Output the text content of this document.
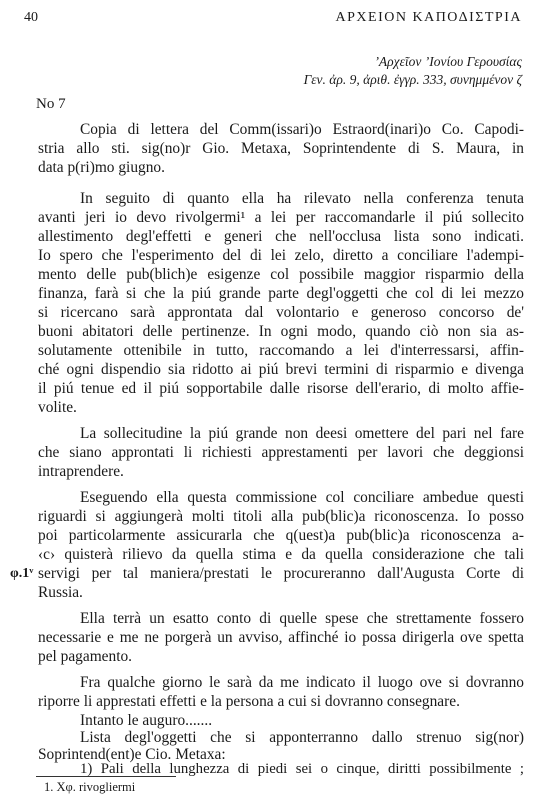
40	ΑΡΧΕΙΟΝ ΚΑΠΟΔΙΣΤΡΙΑ
ʼΑρχεῖον ʼΙονίου Γερουσίας
Γεν. ἀρ. 9, ἀριθ. ἐγγρ. 333, συνημμένον ζ
No 7
Copia di lettera del Comm(issari)o Estraord(inari)o Co. Capodi-
stria allo sti. sig(no)r Gio. Metaxa, Soprintendente di S. Maura, in
data p(ri)mo giugno.
In seguito di quanto ella ha rilevato nella conferenza tenuta
avanti jeri io devo rivolgermi¹ a lei per raccomandarle il piú sollecito
allestimento degl'effetti e generi che nell'occlusa lista sono indicati.
Io spero che l'esperimento del di lei zelo, diretto a conciliare l'adempi-
mento delle pub(blich)e esigenze col possibile maggior risparmio della
finanza, farà si che la piú grande parte degl'oggetti che col di lei mezzo
si ricercano sarà approntata dal volontario e generoso concorso de'
buoni abitatori delle pertinenze. In ogni modo, quando ciò non sia as-
solutamente ottenibile in tutto, raccomando a lei d'interressarsi, affin-
ché ogni dispendio sia ridotto ai piú brevi termini di risparmio e divenga
il piú tenue ed il piú sopportabile dalle risorse dell'erario, di molto affie-
volite.
La sollecitudine la piú grande non deesi omettere del pari nel fare
che siano approntati li richiesti apprestamenti per lavori che deggionsi
intraprendere.
Eseguendo ella questa commissione col conciliare ambedue questi
riguardi si aggiungerà molti titoli alla pub(blic)a riconoscenza. Io posso
poi particolarmente assicurarla che q(uest)a pub(blic)a riconoscenza a-
‹c› quisterà rilievo da quella stima e da quella considerazione che tali
φ.1ᵛ servigi per tal maniera/prestati le procureranno dall'Augusta Corte di
Russia.
Ella terrà un esatto conto di quelle spese che strettamente fossero
necessarie e me ne porgerà un avviso, affinché io possa dirigerla ove spetta
pel pagamento.
Fra qualche giorno le sarà da me indicato il luogo ove si dovranno
riporre li apprestati effetti e la persona a cui si dovranno consegnare.
Intanto le auguro.......
Lista degl'oggetti che si apponterranno dallo strenuo sig(nor)
Soprintend(ent)e Cio. Metaxa:
1. Χφ. rivogliermi
1) Pali della lunghezza di piedi sei o cinque, diritti possibilmente ;
